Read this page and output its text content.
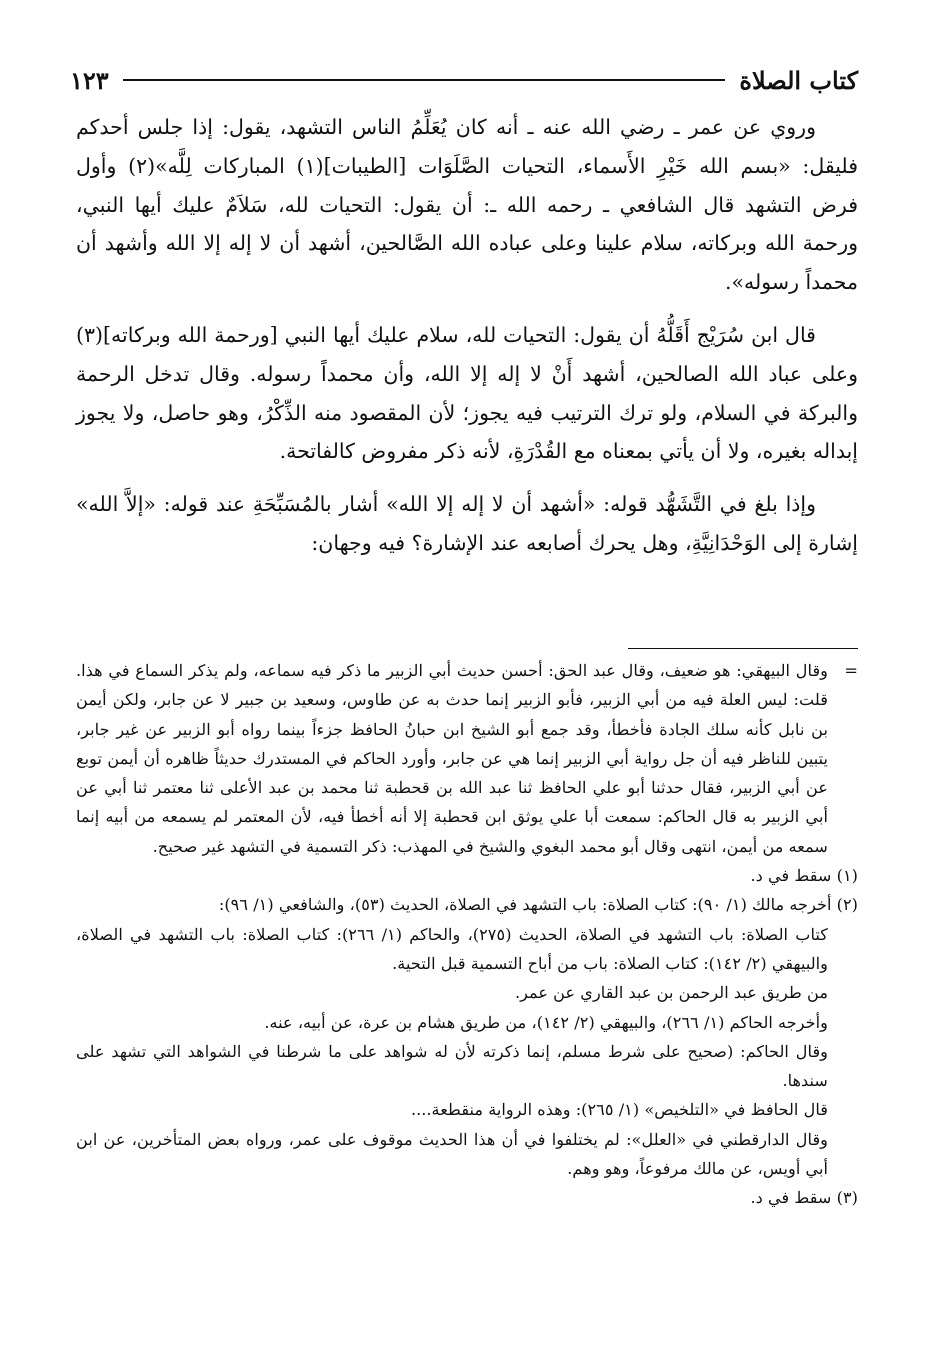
كتاب الصلاة
١٢٣

وروي عن عمر ـ رضي الله عنه ـ أنه كان يُعَلِّمُ الناس التشهد، يقول: إذا جلس أحدكم فليقل: «بسم الله خَيْرِ الأَسماء، التحيات الصَّلَوَات [الطيبات](١) المباركات لِلَّه»(٢) وأول فرض التشهد قال الشافعي ـ رحمه الله ـ: أن يقول: التحيات لله، سَلاَمٌ عليك أيها النبي، ورحمة الله وبركاته، سلام علينا وعلى عباده الله الصَّالحين، أشهد أن لا إله إلا الله وأشهد أن محمداً رسوله».

قال ابن سُرَيْج أَقَلُّهُ أن يقول: التحيات لله، سلام عليك أيها النبي [ورحمة الله وبركاته](٣) وعلى عباد الله الصالحين، أشهد أَنْ لا إله إلا الله، وأن محمداً رسوله. وقال تدخل الرحمة والبركة في السلام، ولو ترك الترتيب فيه يجوز؛ لأن المقصود منه الذِّكْرُ، وهو حاصل، ولا يجوز إبداله بغيره، ولا أن يأتي بمعناه مع القُدْرَةِ، لأنه ذكر مفروض كالفاتحة.

وإذا بلغ في التَّشَهُّد قوله: «أشهد أن لا إله إلا الله» أشار بالمُسَبِّحَةِ عند قوله: «إلاَّ الله» إشارة إلى الوَحْدَانِيَّةِ، وهل يحرك أصابعه عند الإشارة؟ فيه وجهان:

=
وقال البيهقي: هو ضعيف، وقال عبد الحق: أحسن حديث أبي الزبير ما ذكر فيه سماعه، ولم يذكر السماع في هذا. قلت: ليس العلة فيه من أبي الزبير، فأبو الزبير إنما حدث به عن طاوس، وسعيد بن جبير لا عن جابر، ولكن أيمن بن نابل كأنه سلك الجادة فأخطأ، وقد جمع أبو الشيخ ابن حبانُ الحافظ جزءاً بينما رواه أبو الزبير عن غير جابر، يتبين للناظر فيه أن جل رواية أبي الزبير إنما هي عن جابر، وأورد الحاكم في المستدرك حديثاً ظاهره أن أيمن توبع عن أبي الزبير، فقال حدثنا أبو علي الحافظ ثنا عبد الله بن قحطبة ثنا محمد بن عبد الأعلى ثنا معتمر ثنا أبي عن أبي الزبير به قال الحاكم: سمعت أبا علي يوثق ابن قحطبة إلا أنه أخطأ فيه، لأن المعتمر لم يسمعه من أبيه إنما سمعه من أيمن، انتهى وقال أبو محمد البغوي والشيخ في المهذب: ذكر التسمية في التشهد غير صحيح.

(١) سقط في د.

(٢) أخرجه مالك (١/ ٩٠): كتاب الصلاة: باب التشهد في الصلاة، الحديث (٥٣)، والشافعي (١/ ٩٦):

كتاب الصلاة: باب التشهد في الصلاة، الحديث (٢٧٥)، والحاكم (١/ ٢٦٦): كتاب الصلاة: باب التشهد في الصلاة، والبيهقي (٢/ ١٤٢): كتاب الصلاة: باب من أباح التسمية قبل التحية.

من طريق عبد الرحمن بن عبد القاري عن عمر.

وأخرجه الحاكم (١/ ٢٦٦)، والبيهقي (٢/ ١٤٢)، من طريق هشام بن عرة، عن أبيه، عنه.

وقال الحاكم: (صحيح على شرط مسلم، إنما ذكرته لأن له شواهد على ما شرطنا في الشواهد التي تشهد على سندها.

قال الحافظ في «التلخيص» (١/ ٢٦٥): وهذه الرواية منقطعة....

وقال الدارقطني في «العلل»: لم يختلفوا في أن هذا الحديث موقوف على عمر، ورواه بعض المتأخرين، عن ابن أبي أويس، عن مالك مرفوعاً، وهو وهم.

(٣) سقط في د.
